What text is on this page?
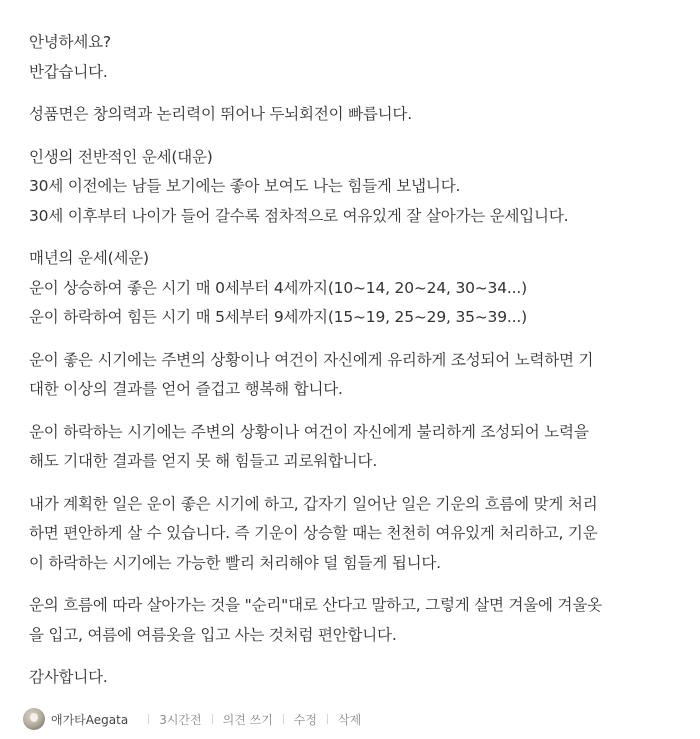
안녕하세요?
반갑습니다.

성품면은 창의력과 논리력이 뛰어나 두뇌회전이 빠릅니다.

인생의 전반적인 운세(대운)
30세 이전에는 남들 보기에는 좋아 보여도 나는 힘들게 보냅니다.
30세 이후부터 나이가 들어 갈수록 점차적으로 여유있게 잘 살아가는 운세입니다.

매년의 운세(세운)
운이 상승하여 좋은 시기 매 0세부터 4세까지(10~14, 20~24, 30~34...)
운이 하락하여 힘든 시기 매 5세부터 9세까지(15~19, 25~29, 35~39...)

운이 좋은 시기에는 주변의 상황이나 여건이 자신에게 유리하게 조성되어 노력하면 기
대한 이상의 결과를 얻어 즐겁고 행복해 합니다.

운이 하락하는 시기에는 주변의 상황이나 여건이 자신에게 불리하게 조성되어 노력을
해도 기대한 결과를 얻지 못 해 힘들고 괴로워합니다.

내가 계획한 일은 운이 좋은 시기에 하고, 갑자기 일어난 일은 기운의 흐름에 맞게 처리
하면 편안하게 살 수 있습니다. 즉 기운이 상승할 때는 천천히 여유있게 처리하고, 기운
이 하락하는 시기에는 가능한 빨리 처리해야 덜 힘들게 됩니다.

운의 흐름에 따라 살아가는 것을 "순리"대로 산다고 말하고, 그렇게 살면 겨울에 겨울옷
을 입고, 여름에 여름옷을 입고 사는 것처럼 편안합니다.

감사합니다.

애가타Aegata	3시간전 의견 쓰기 수정 삭제
